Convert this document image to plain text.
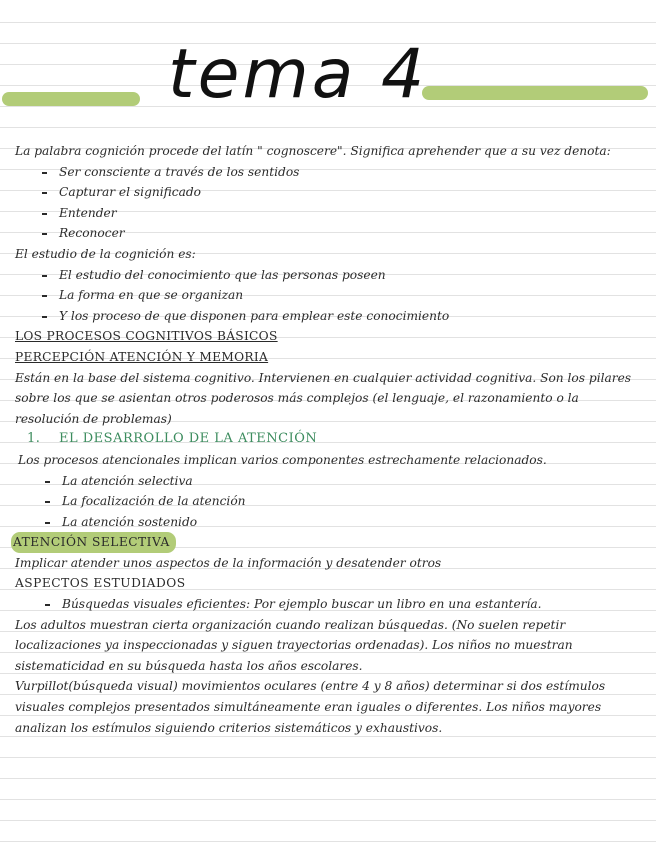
tema 4

La palabra cognición procede del latín " cognoscere". Significa aprehender que a su vez denota:

Ser consciente a través de los sentidos
Capturar el significado
Entender
Reconocer

El estudio de la cognición es:

El estudio del conocimiento que las personas poseen
La forma en que se organizan
Y los proceso de que disponen para emplear este conocimiento

LOS PROCESOS COGNITIVOS BÁSICOS

PERCEPCIÓN ATENCIÓN Y MEMORIA

Están en la base del sistema cognitivo. Intervienen en cualquier actividad cognitiva. Son los pilares sobre los que se asientan otros poderosos más complejos (el lenguaje, el razonamiento o la resolución de problemas)

1. EL DESARROLLO DE LA ATENCIÓN

Los procesos atencionales implican varios componentes estrechamente relacionados.

La atención selectiva
La focalización de la atención
La atención sostenido

ATENCIÓN SELECTIVA

Implicar atender unos aspectos de la información y desatender otros

ASPECTOS ESTUDIADOS

Búsquedas visuales eficientes: Por ejemplo buscar un libro en una estantería.

Los adultos muestran cierta organización cuando realizan búsquedas. (No suelen repetir localizaciones ya inspeccionadas y siguen trayectorias ordenadas). Los niños no muestran sistematicidad en su búsqueda hasta los años escolares.

Vurpillot(búsqueda visual) movimientos oculares (entre 4 y 8 años) determinar si dos estímulos visuales complejos presentados simultáneamente eran iguales o diferentes. Los niños mayores analizan los estímulos siguiendo criterios sistemáticos y exhaustivos.
